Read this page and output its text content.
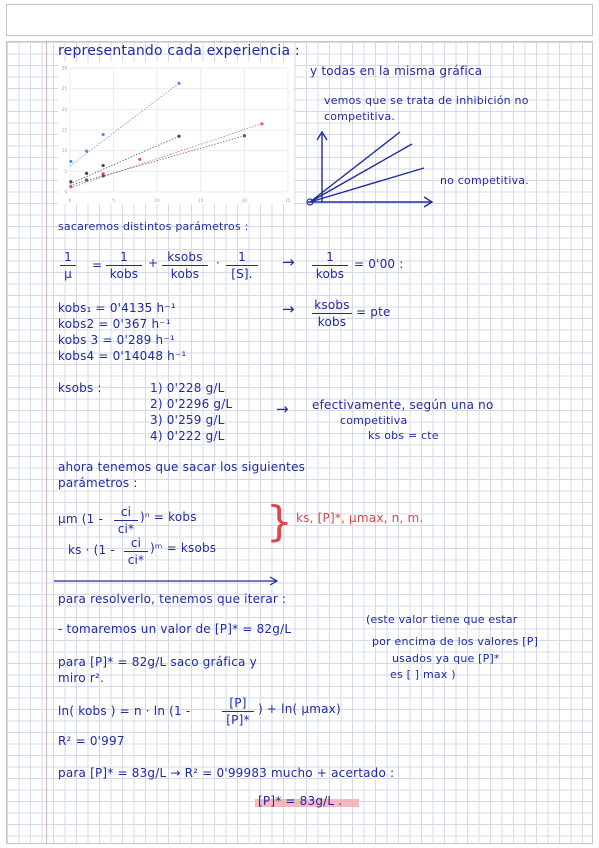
representando cada experiencia :
0	5	10	15	20	25
0
5
10
15
20
25
30	y todas en la misma gráfica
vemos que se trata de inhibición no
competitiva.
no competitiva.
sacaremos distintos parámetros :
1
μ
=
1
kobs
+ ksobs
kobs
·	1
[S].
→	1
kobs
= 0'00 :
kobs₁ = 0'4135 h⁻¹
kobs2 = 0'367 h⁻¹
kobs 3 = 0'289 h⁻¹
kobs4 = 0'14048 h⁻¹
→ ksobs
kobs
= pte
ksobs :	1) 0'228 g/L
2) 0'2296 g/L
3) 0'259 g/L
4) 0'222 g/L
→ efectivamente, según una no
competitiva
ks obs = cte
ahora tenemos que sacar los siguientes
parámetros :
μm (1 -	ci
ci*
)ⁿ = kobs
ks · (1 -	ci
ci*
)ᵐ = ksobs
} ks, [P]*, μmax, n, m.
para resolverlo, tenemos que iterar :
- tomaremos un valor de [P]* = 82g/L
(este valor tiene que estar
por encima de los valores [P]
usados ya que [P]*
es [ ] max )
para [P]* = 82g/L saco gráfica y
miro r².
ln( kobs ) = n · ln (1 -
[P]
[P]*
) + ln( μmax)
R² = 0'997
para [P]* = 83g/L → R² = 0'99983 mucho + acertado :
[P]* = 83g/L .
